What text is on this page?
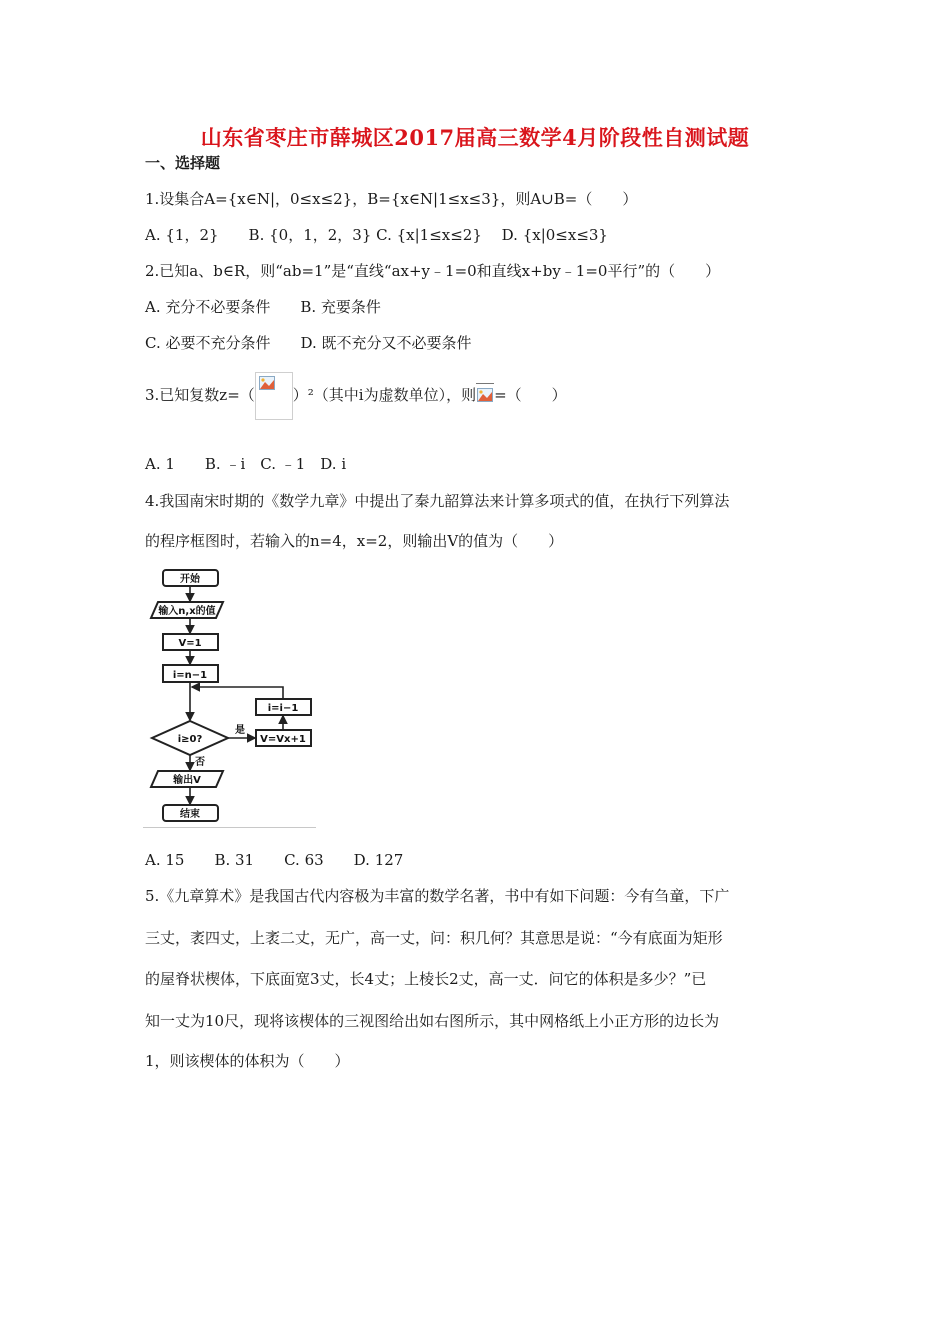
山东省枣庄市薛城区2017届高三数学4月阶段性自测试题
一、选择题
1.设集合A={x∈N|，0≤x≤2}，B={x∈N|1≤x≤3}，则A∪B=（　　）
A. {1，2}　　B. {0，1，2，3} C. {x|1≤x≤2}　 D. {x|0≤x≤3}
2.已知a、b∈R，则“ab=1”是“直线“ax+y﹣1=0和直线x+by﹣1=0平行”的（　　）
A. 充分不必要条件　　B. 充要条件
C. 必要不充分条件　　D. 既不充分又不必要条件
3.已知复数z=（	）²（其中i为虚数单位），则 =（　　）
A. 1　　B. ﹣i　C. ﹣1　D. i
4.我国南宋时期的《数学九章》中提出了秦九韶算法来计算多项式的值，在执行下列算法
的程序框图时，若输入的n=4，x=2，则输出V的值为（　　）
开始
输入n,x的值
V=1
i=n−1
i≥0?
i=i−1
V=Vx+1
输出V
结束
是
否
A. 15　　B. 31　　C. 63　　D. 127
5.《九章算术》是我国古代内容极为丰富的数学名著，书中有如下问题：今有刍童，下广
三丈，袤四丈，上袤二丈，无广，高一丈，问：积几何？其意思是说：“今有底面为矩形
的屋脊状楔体，下底面宽3丈，长4丈；上棱长2丈，高一丈．问它的体积是多少？”已
知一丈为10尺，现将该楔体的三视图给出如右图所示，其中网格纸上小正方形的边长为
1，则该楔体的体积为（　　）
